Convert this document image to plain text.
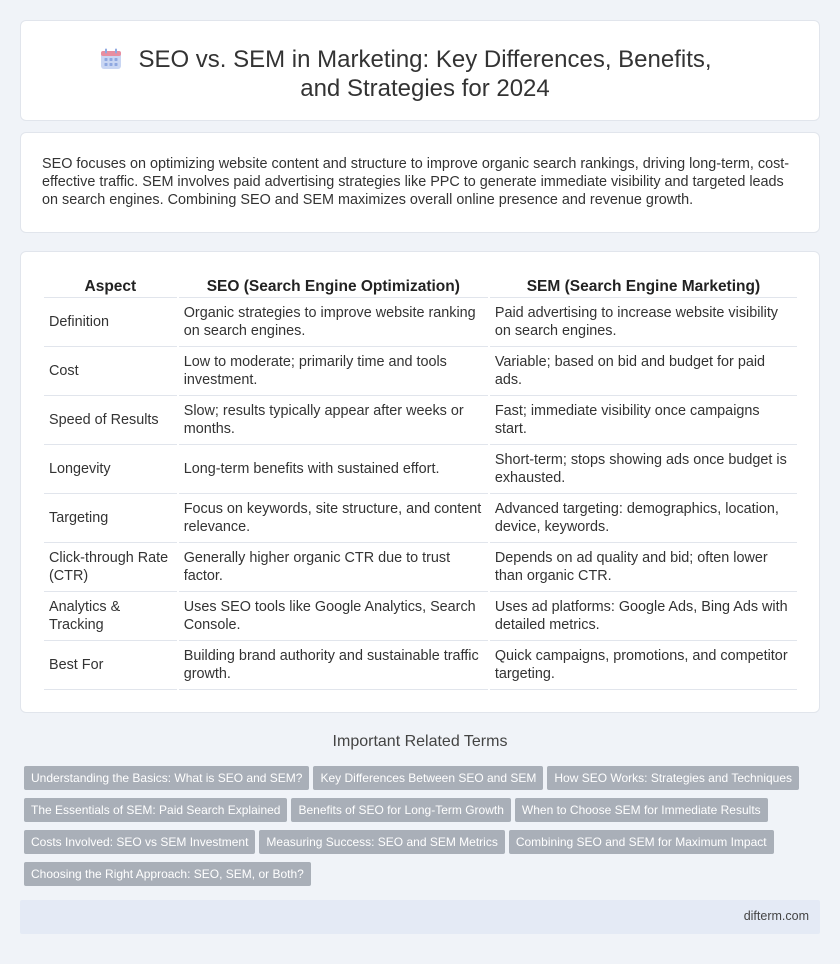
SEO vs. SEM in Marketing: Key Differences, Benefits, and Strategies for 2024

SEO focuses on optimizing website content and structure to improve organic search rankings, driving long-term, cost-effective traffic. SEM involves paid advertising strategies like PPC to generate immediate visibility and targeted leads on search engines. Combining SEO and SEM maximizes overall online presence and revenue growth.

Aspect	SEO (Search Engine Optimization)	SEM (Search Engine Marketing)
Definition	Organic strategies to improve website ranking on search engines.	Paid advertising to increase website visibility on search engines.
Cost	Low to moderate; primarily time and tools investment.	Variable; based on bid and budget for paid ads.
Speed of Results	Slow; results typically appear after weeks or months.	Fast; immediate visibility once campaigns start.
Longevity	Long-term benefits with sustained effort.	Short-term; stops showing ads once budget is exhausted.
Targeting	Focus on keywords, site structure, and content relevance.	Advanced targeting: demographics, location, device, keywords.
Click-through Rate (CTR)	Generally higher organic CTR due to trust factor.	Depends on ad quality and bid; often lower than organic CTR.
Analytics & Tracking	Uses SEO tools like Google Analytics, Search Console.	Uses ad platforms: Google Ads, Bing Ads with detailed metrics.
Best For	Building brand authority and sustainable traffic growth.	Quick campaigns, promotions, and competitor targeting.
Important Related Terms
Understanding the Basics: What is SEO and SEM? Key Differences Between SEO and SEM How SEO Works: Strategies and TechniquesThe Essentials of SEM: Paid Search Explained Benefits of SEO for Long-Term Growth When to Choose SEM for Immediate ResultsCosts Involved: SEO vs SEM Investment Measuring Success: SEO and SEM Metrics Combining SEO and SEM for Maximum ImpactChoosing the Right Approach: SEO, SEM, or Both?
difterm.com
